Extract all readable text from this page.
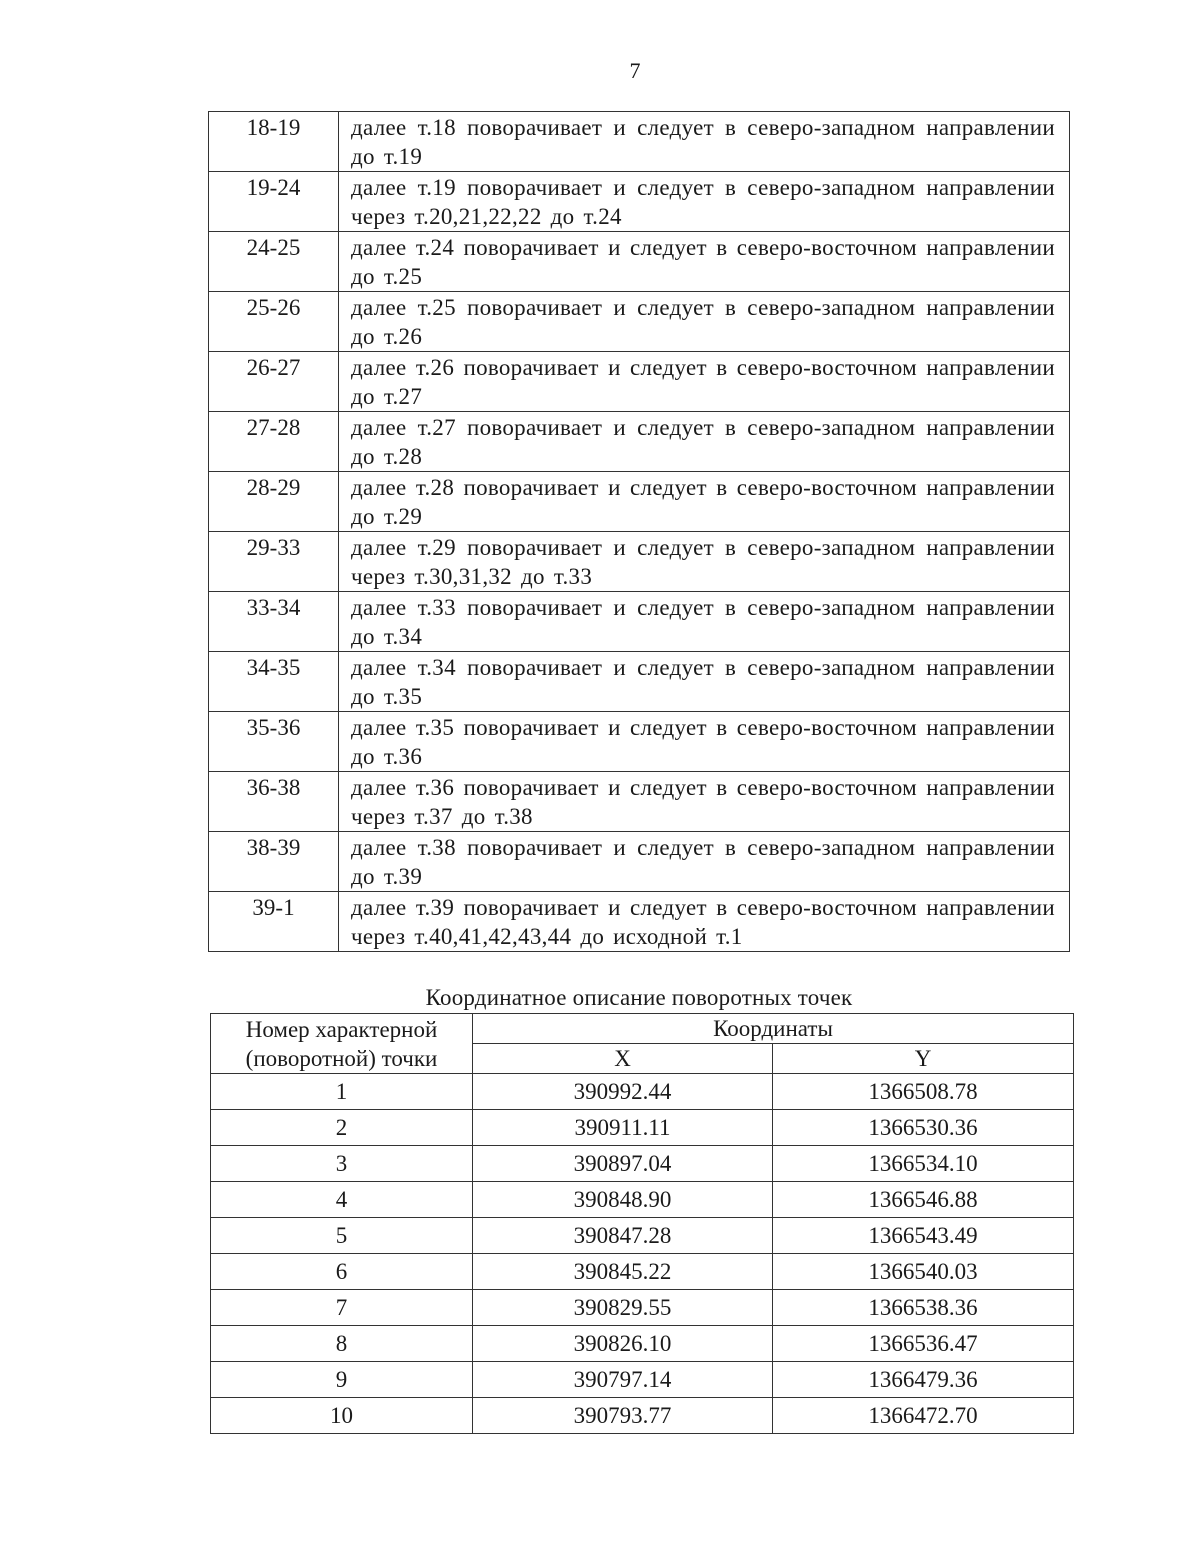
7
18-19	далее т.18 поворачивает и следует в северо-западном направлении до т.19
19-24	далее т.19 поворачивает и следует в северо-западном направлении через т.20,21,22,22 до т.24
24-25	далее т.24 поворачивает и следует в северо-восточном направлении до т.25
25-26	далее т.25 поворачивает и следует в северо-западном направлении до т.26
26-27	далее т.26 поворачивает и следует в северо-восточном направлении до т.27
27-28	далее т.27 поворачивает и следует в северо-западном направлении до т.28
28-29	далее т.28 поворачивает и следует в северо-восточном направлении до т.29
29-33	далее т.29 поворачивает и следует в северо-западном направлении через т.30,31,32 до т.33
33-34	далее т.33 поворачивает и следует в северо-западном направлении до т.34
34-35	далее т.34 поворачивает и следует в северо-западном направлении до т.35
35-36	далее т.35 поворачивает и следует в северо-восточном направлении до т.36
36-38	далее т.36 поворачивает и следует в северо-восточном направлении через т.37 до т.38
38-39	далее т.38 поворачивает и следует в северо-западном направлении до т.39
39-1	далее т.39 поворачивает и следует в северо-восточном направлении через т.40,41,42,43,44 до исходной т.1
Координатное описание поворотных точек
Номер характерной
(поворотной) точки	Координаты	
	X	Y
1	390992.44	1366508.78
2	390911.11	1366530.36
3	390897.04	1366534.10
4	390848.90	1366546.88
5	390847.28	1366543.49
6	390845.22	1366540.03
7	390829.55	1366538.36
8	390826.10	1366536.47
9	390797.14	1366479.36
10	390793.77	1366472.70
